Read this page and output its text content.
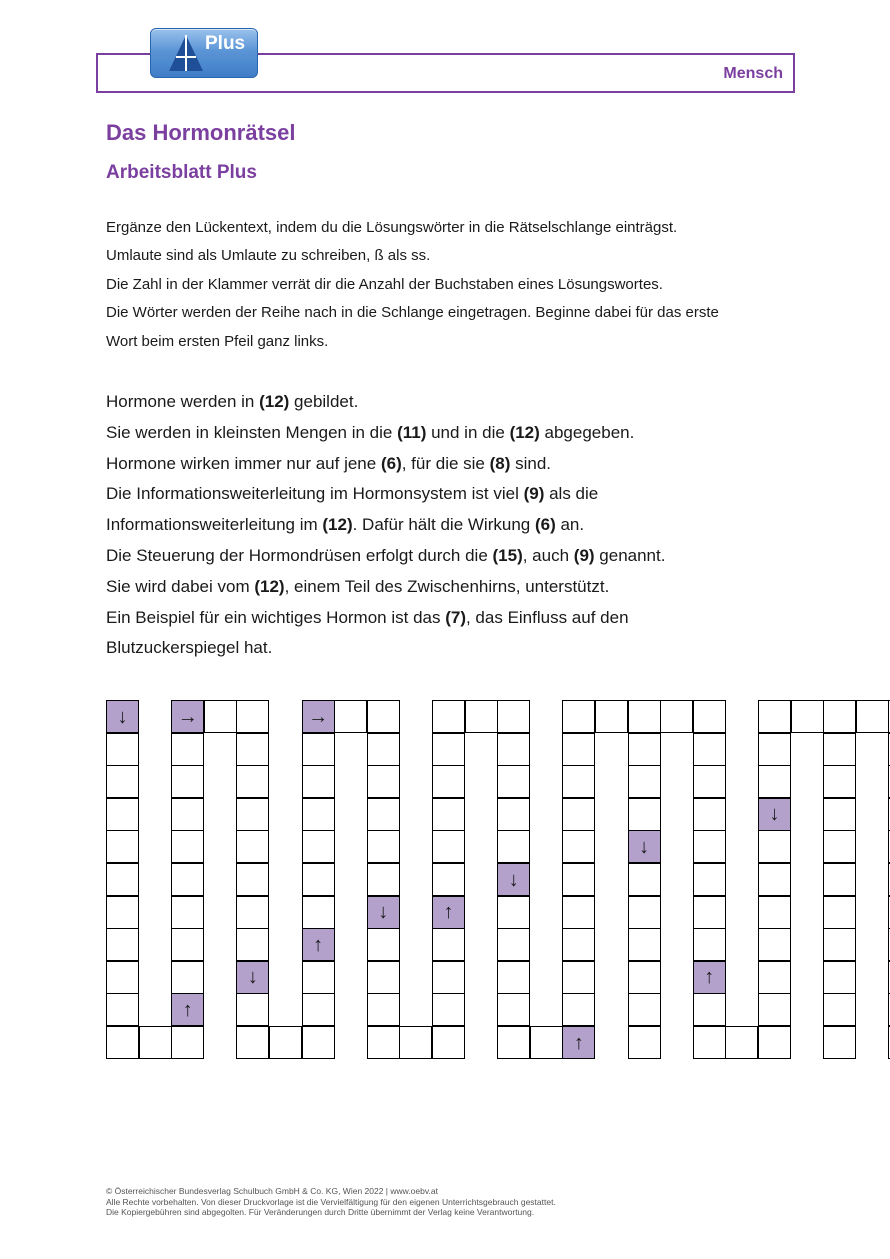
Mensch
Plus
Das Hormonrätsel
Arbeitsblatt Plus
Ergänze den Lückentext, indem du die Lösungswörter in die Rätselschlange einträgst.
Umlaute sind als Umlaute zu schreiben, ß als ss.
Die Zahl in der Klammer verrät dir die Anzahl der Buchstaben eines Lösungswortes.
Die Wörter werden der Reihe nach in die Schlange eingetragen. Beginne dabei für das erste
Wort beim ersten Pfeil ganz links.
Hormone werden in (12) gebildet.
Sie werden in kleinsten Mengen in die (11) und in die (12) abgegeben.
Hormone wirken immer nur auf jene (6), für die sie (8) sind.
Die Informationsweiterleitung im Hormonsystem ist viel (9) als die
Informationsweiterleitung im (12). Dafür hält die Wirkung (6) an.
Die Steuerung der Hormondrüsen erfolgt durch die (15), auch (9) genannt.
Sie wird dabei vom (12), einem Teil des Zwischenhirns, unterstützt.
Ein Beispiel für ein wichtiges Hormon ist das (7), das Einfluss auf den
Blutzuckerspiegel hat.
↓	→
↑
↓
→
↑
↓	↑
↓
↑
↓
↑
↓
© Österreichischer Bundesverlag Schulbuch GmbH & Co. KG, Wien 2022 | www.oebv.at
Alle Rechte vorbehalten. Von dieser Druckvorlage ist die Vervielfältigung für den eigenen Unterrichtsgebrauch gestattet.
Die Kopiergebühren sind abgegolten. Für Veränderungen durch Dritte übernimmt der Verlag keine Verantwortung.
